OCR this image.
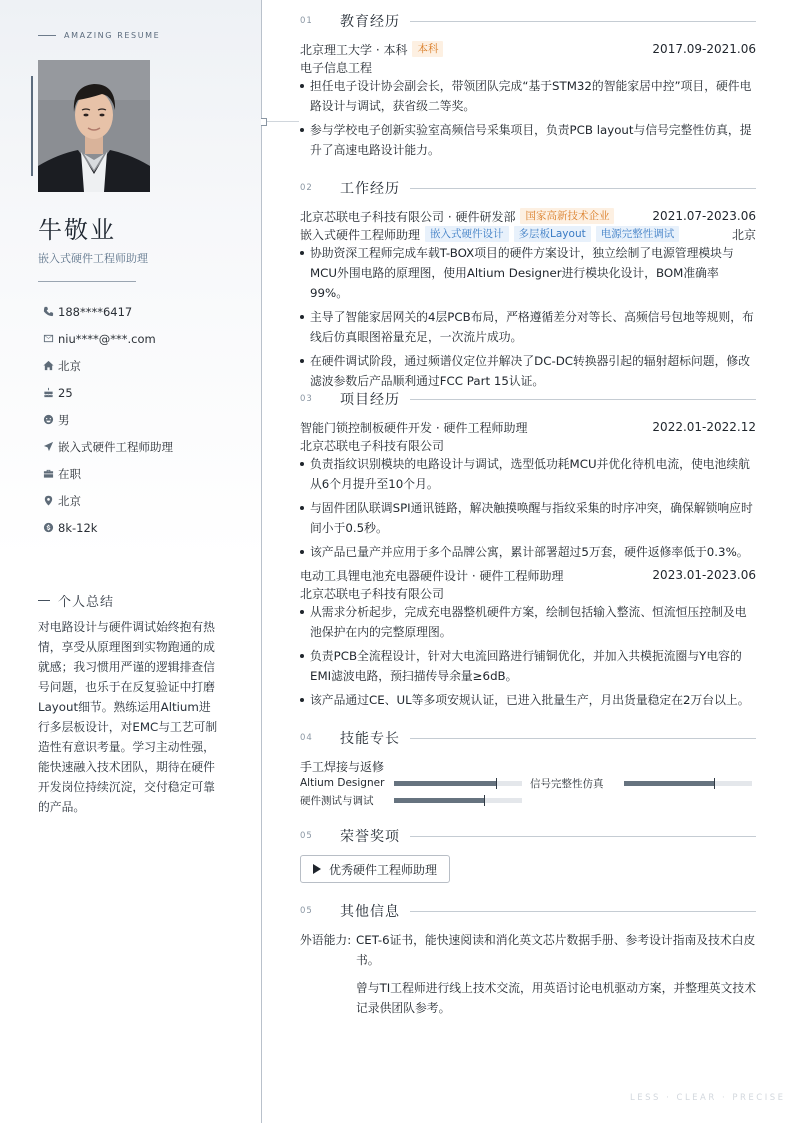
AMAZING RESUME
牛敬业
嵌入式硬件工程师助理
188****6417
niu****@***.com
北京
25
男
嵌入式硬件工程师助理
在职
北京
8k-12k
个人总结
对电路设计与硬件调试始终抱有热情，享受从原理图到实物跑通的成就感；我习惯用严谨的逻辑排查信号问题，也乐于在反复验证中打磨Layout细节。熟练运用Altium进行多层板设计，对EMC与工艺可制造性有意识考量。学习主动性强，能快速融入技术团队，期待在硬件开发岗位持续沉淀，交付稳定可靠的产品。
01	教育经历
北京理工大学 · 本科 本科	2017.09-2021.06
电子信息工程
担任电子设计协会副会长，带领团队完成“基于STM32的智能家居中控”项目，硬件电路设计与调试，获省级二等奖。
参与学校电子创新实验室高频信号采集项目，负责PCB layout与信号完整性仿真，提升了高速电路设计能力。
02	工作经历
北京芯联电子科技有限公司 · 硬件研发部 国家高新技术企业	2021.07-2023.06
嵌入式硬件工程师助理 嵌入式硬件设计	多层板Layout	电源完整性调试	北京
协助资深工程师完成车载T-BOX项目的硬件方案设计，独立绘制了电源管理模块与MCU外围电路的原理图，使用Altium Designer进行模块化设计，BOM准确率99%。
主导了智能家居网关的4层PCB布局，严格遵循差分对等长、高频信号包地等规则，布线后仿真眼图裕量充足，一次流片成功。
在硬件调试阶段，通过频谱仪定位并解决了DC-DC转换器引起的辐射超标问题，修改滤波参数后产品顺利通过FCC Part 15认证。
03	项目经历
智能门锁控制板硬件开发 · 硬件工程师助理	2022.01-2022.12
北京芯联电子科技有限公司
负责指纹识别模块的电路设计与调试，选型低功耗MCU并优化待机电流，使电池续航从6个月提升至10个月。
与固件团队联调SPI通讯链路，解决触摸唤醒与指纹采集的时序冲突，确保解锁响应时间小于0.5秒。
该产品已量产并应用于多个品牌公寓，累计部署超过5万套，硬件返修率低于0.3%。
电动工具锂电池充电器硬件设计 · 硬件工程师助理	2023.01-2023.06
北京芯联电子科技有限公司
从需求分析起步，完成充电器整机硬件方案，绘制包括输入整流、恒流恒压控制及电池保护在内的完整原理图。
负责PCB全流程设计，针对大电流回路进行铺铜优化，并加入共模扼流圈与Y电容的EMI滤波电路，预扫描传导余量≥6dB。
该产品通过CE、UL等多项安规认证，已进入批量生产，月出货量稳定在2万台以上。
04	技能专长
手工焊接与返修
Altium Designer	信号完整性仿真
硬件测试与调试
05	荣誉奖项
优秀硬件工程师助理
05	其他信息
外语能力: CET-6证书，能快速阅读和消化英文芯片数据手册、参考设计指南及技术白皮书。
曾与TI工程师进行线上技术交流，用英语讨论电机驱动方案，并整理英文技术记录供团队参考。
LESS · CLEAR · PRECISE
